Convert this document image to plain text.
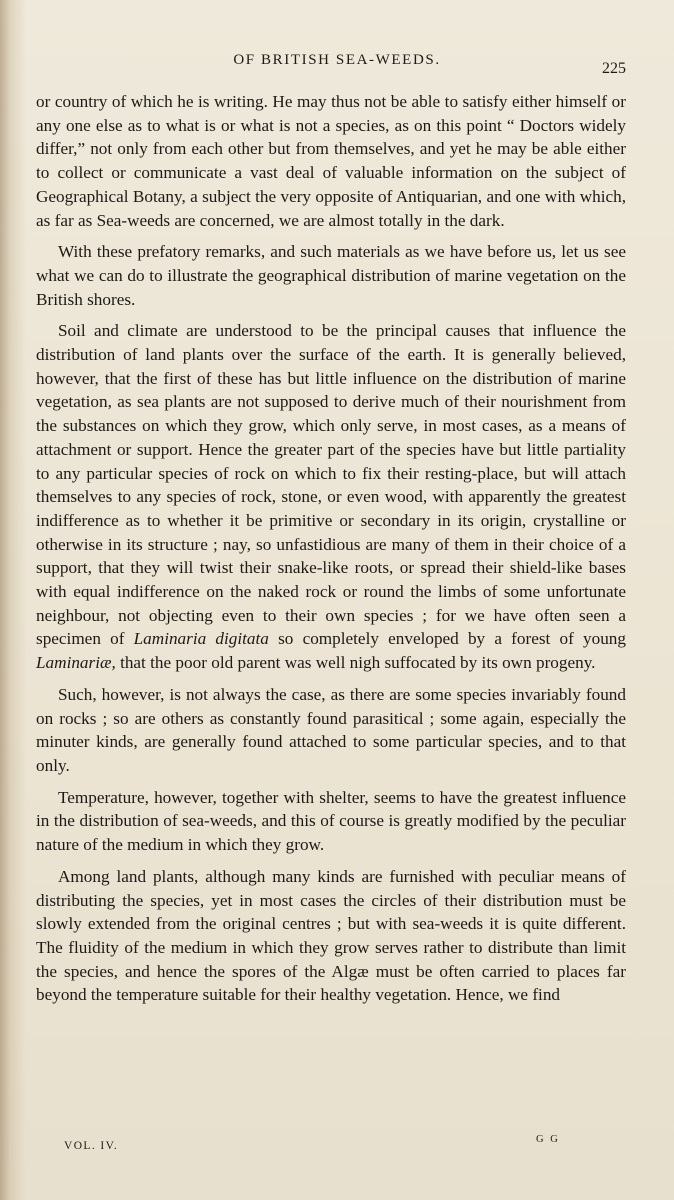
OF BRITISH SEA-WEEDS.	225

or country of which he is writing. He may thus not be able to satisfy either himself or any one else as to what is or what is not a species, as on this point “ Doctors widely differ,” not only from each other but from themselves, and yet he may be able either to collect or communicate a vast deal of valuable information on the subject of Geographical Botany, a subject the very opposite of Antiquarian, and one with which, as far as Sea-weeds are concerned, we are almost totally in the dark.

With these prefatory remarks, and such materials as we have before us, let us see what we can do to illustrate the geographical distribution of marine vegetation on the British shores.

Soil and climate are understood to be the principal causes that influence the distribution of land plants over the surface of the earth. It is generally believed, however, that the first of these has but little influence on the distribution of marine vegetation, as sea plants are not supposed to derive much of their nourishment from the substances on which they grow, which only serve, in most cases, as a means of attachment or support. Hence the greater part of the species have but little partiality to any particular species of rock on which to fix their resting-place, but will attach themselves to any species of rock, stone, or even wood, with apparently the greatest indifference as to whether it be primitive or secondary in its origin, crystalline or otherwise in its structure ; nay, so unfastidious are many of them in their choice of a support, that they will twist their snake-like roots, or spread their shield-like bases with equal indifference on the naked rock or round the limbs of some unfortunate neighbour, not objecting even to their own species ; for we have often seen a specimen of Laminaria digitata so completely enveloped by a forest of young Laminariæ, that the poor old parent was well nigh suffocated by its own progeny.

Such, however, is not always the case, as there are some species invariably found on rocks ; so are others as constantly found parasitical ; some again, especially the minuter kinds, are generally found attached to some particular species, and to that only.

Temperature, however, together with shelter, seems to have the greatest influence in the distribution of sea-weeds, and this of course is greatly modified by the peculiar nature of the medium in which they grow.

Among land plants, although many kinds are furnished with peculiar means of distributing the species, yet in most cases the circles of their distribution must be slowly extended from the original centres ; but with sea-weeds it is quite different. The fluidity of the medium in which they grow serves rather to distribute than limit the species, and hence the spores of the Algæ must be often carried to places far beyond the temperature suitable for their healthy vegetation. Hence, we find

VOL. IV.
G G
